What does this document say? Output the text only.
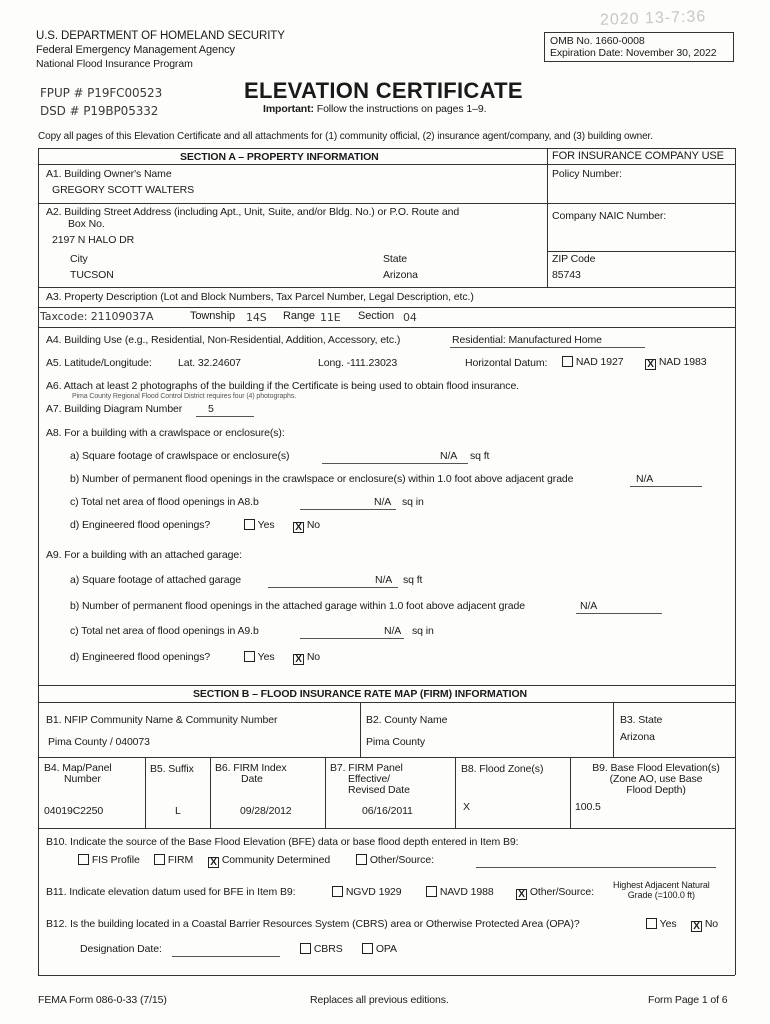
2020 13-7:36
U.S. DEPARTMENT OF HOMELAND SECURITY
Federal Emergency Management Agency
National Flood Insurance Program
OMB No. 1660-0008
Expiration Date: November 30, 2022
FPUP # P19FC00523
DSD # P19BP05332
ELEVATION CERTIFICATE
Important: Follow the instructions on pages 1–9.
Copy all pages of this Elevation Certificate and all attachments for (1) community official, (2) insurance agent/company, and (3) building owner.
SECTION A – PROPERTY INFORMATION	FOR INSURANCE COMPANY USE
A1. Building Owner's Name
GREGORY SCOTT WALTERS
Policy Number:
A2. Building Street Address (including Apt., Unit, Suite, and/or Bldg. No.) or P.O. Route and
Box No.
2197 N HALO DR
Company NAIC Number:
City
TUCSON
State
Arizona
ZIP Code
85743
A3. Property Description (Lot and Block Numbers, Tax Parcel Number, Legal Description, etc.)
Taxcode: 21109037A	Township 14S Range 11E Section 04
A4. Building Use (e.g., Residential, Non-Residential, Addition, Accessory, etc.)	Residential: Manufactured Home
A5. Latitude/Longitude:	Lat. 32.24607	Long. -111.23023	Horizontal Datum:	NAD 1927 X NAD 1983
A6. Attach at least 2 photographs of the building if the Certificate is being used to obtain flood insurance.
Pima County Regional Flood Control District requires four (4) photographs.
A7. Building Diagram Number 5
A8. For a building with a crawlspace or enclosure(s):
a) Square footage of crawlspace or enclosure(s)	N/A sq ft
b) Number of permanent flood openings in the crawlspace or enclosure(s) within 1.0 foot above adjacent grade	N/A
c) Total net area of flood openings in A8.b	N/A sq in
d) Engineered flood openings?	Yes X No
A9. For a building with an attached garage:
a) Square footage of attached garage	N/A sq ft
b) Number of permanent flood openings in the attached garage within 1.0 foot above adjacent grade	N/A
c) Total net area of flood openings in A9.b	N/A sq in
d) Engineered flood openings?	Yes X No
SECTION B – FLOOD INSURANCE RATE MAP (FIRM) INFORMATION
B1. NFIP Community Name & Community Number
Pima County / 040073
B2. County Name
Pima County
B3. State
Arizona
B4. Map/Panel
Number
04019C2250
B5. Suffix
L
B6. FIRM Index
Date
09/28/2012
B7. FIRM Panel
Effective/
Revised Date
06/16/2011
B8. Flood Zone(s)
X
B9. Base Flood Elevation(s)
(Zone AO, use Base
Flood Depth)
100.5
B10. Indicate the source of the Base Flood Elevation (BFE) data or base flood depth entered in Item B9:
FIS Profile	FIRM X Community Determined	Other/Source:
B11. Indicate elevation datum used for BFE in Item B9:	NGVD 1929	NAVD 1988 X Other/Source:
Highest Adjacent Natural
Grade (=100.0 ft)
B12. Is the building located in a Coastal Barrier Resources System (CBRS) area or Otherwise Protected Area (OPA)?	Yes X No
Designation Date:	CBRS	OPA
FEMA Form 086-0-33 (7/15)	Replaces all previous editions.	Form Page 1 of 6
